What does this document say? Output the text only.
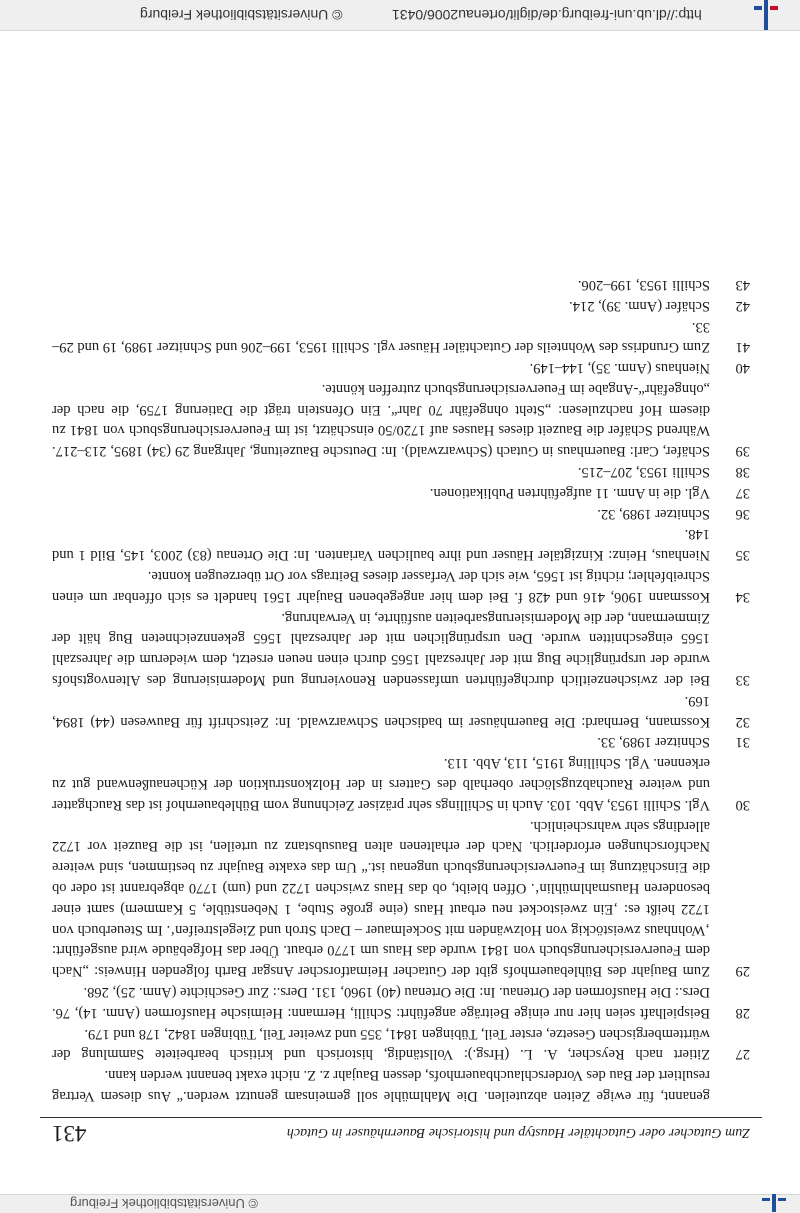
© Universitätsbibliothek Freiburg	http://dl.ub.uni-freiburg.de/diglit/ortenau2006/0431
Zum Gutacher oder Gutachtäler Haustyp und historische Bauernhäuser in Gutach
431

genannt, für ewige Zeiten abzuteilen. Die Mahlmühle soll gemeinsam genutzt werden.“ Aus diesem Vertrag resultiert der Bau des Vorderschlauchbauernhofs, dessen Baujahr z. Z. nicht exakt benannt werden kann.

27
Zitiert nach Reyscher, A. L. (Hrsg.): Vollständig, historisch und kritisch bearbeitete Sammlung der württembergischen Gesetze, erster Teil, Tübingen 1841, 355 und zweiter Teil, Tübingen 1842, 178 und 179.
28
Beispielhaft seien hier nur einige Beiträge angeführt: Schilli, Hermann: Heimische Hausformen (Anm. 14), 76. Ders.: Die Hausformen der Ortenau. In: Die Ortenau (40) 1960, 131. Ders.: Zur Geschichte (Anm. 25), 268.
29
Zum Baujahr des Bühlebauernhofs gibt der Gutacher Heimatforscher Ansgar Barth folgenden Hinweis: „Nach dem Feuerversicherungsbuch von 1841 wurde das Haus um 1770 erbaut. Über das Hofgebäude wird ausgeführt: ‚Wohnhaus zweistöckig von Holzwänden mit Sockelmauer – Dach Stroh und Ziegelstreifen‘. Im Steuerbuch von 1722 heißt es: ‚Ein zweistocket neu erbaut Haus (eine große Stube, 1 Nebenstüble, 5 Kammern) samt einer besonderen Hausmahlmühlin‘. Offen bleibt, ob das Haus zwischen 1722 und (um) 1770 abgebrannt ist oder ob die Einschätzung im Feuerversicherungsbuch ungenau ist.“ Um das exakte Baujahr zu bestimmen, sind weitere Nachforschungen erforderlich. Nach der erhaltenen alten Bausubstanz zu urteilen, ist die Bauzeit vor 1722 allerdings sehr wahrscheinlich.
30
Vgl. Schilli 1953, Abb. 103. Auch in Schillings sehr präziser Zeichnung vom Bühlebauernhof ist das Rauchgatter und weitere Rauchabzugslöcher oberhalb des Gatters in der Holzkonstruktion der Küchenaußenwand gut zu erkennen. Vgl. Schilling 1915, 113, Abb. 113.
31
Schnitzer 1989, 33.
32
Kossmann, Bernhard: Die Bauernhäuser im badischen Schwarzwald. In: Zeitschrift für Bauwesen (44) 1894, 169.
33
Bei der zwischenzeitlich durchgeführten umfassenden Renovierung und Modernisierung des Altenvogtshofs wurde der ursprüngliche Bug mit der Jahreszahl 1565 durch einen neuen ersetzt, dem wiederum die Jahreszahl 1565 eingeschnitten wurde. Den ursprünglichen mit der Jahreszahl 1565 gekennzeichneten Bug hält der Zimmermann, der die Modernisierungsarbeiten ausführte, in Verwahrung.
34
Kossmann 1906, 416 und 428 f. Bei dem hier angegebenen Baujahr 1561 handelt es sich offenbar um einen Schreibfehler; richtig ist 1565, wie sich der Verfasser dieses Beitrags vor Ort überzeugen konnte.
35
Nienhaus, Heinz: Kinzigtäler Häuser und ihre baulichen Varianten. In: Die Ortenau (83) 2003, 145, Bild 1 und 148.
36
Schnitzer 1989, 32.
37
Vgl. die in Anm. 11 aufgeführten Publikationen.
38
Schilli 1953, 207–215.
39
Schäfer, Carl: Bauernhaus in Gutach (Schwarzwald). In: Deutsche Bauzeitung, Jahrgang 29 (34) 1895, 213–217. Während Schäfer die Bauzeit dieses Hauses auf 1720/50 einschätzt, ist im Feuerversicherungsbuch von 1841 zu diesem Hof nachzulesen: „Steht ohngefähr 70 Jahr“. Ein Ofenstein trägt die Datierung 1759, die nach der „ohngefähr“-Angabe im Feuerversicherungsbuch zutreffen könnte.
40
Nienhaus (Anm. 35), 144–149.
41
Zum Grundriss des Wohnteils der Gutachtäler Häuser vgl. Schilli 1953, 199–206 und Schnitzer 1989, 19 und 29–33.
42
Schäfer (Anm. 39), 214.
43
Schilli 1953, 199–206.
© Universitätsbibliothek Freiburg
